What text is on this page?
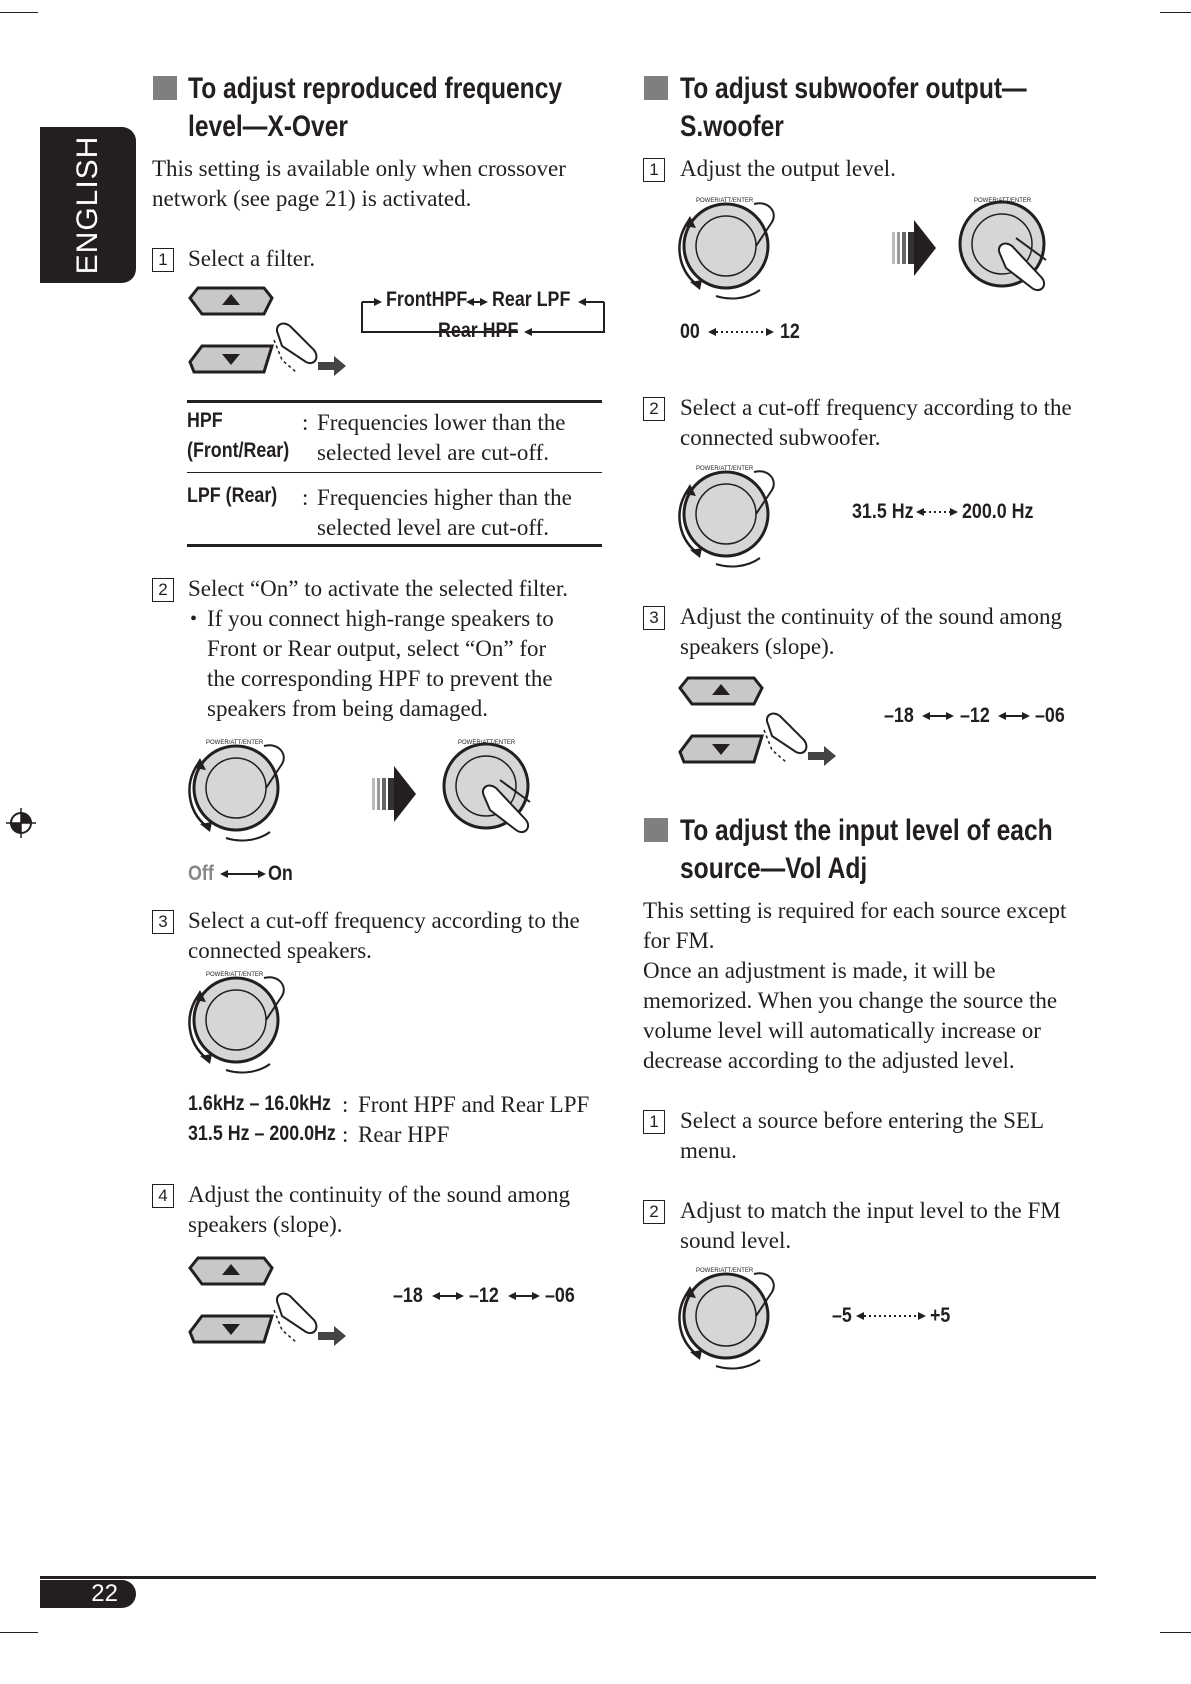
ENGLISH
To adjust reproduced frequency
level—X-Over
This setting is available only when crossover
network (see page 21) is activated.
1 Select a filter.
FrontHPF Rear LPF
Rear HPF
HPF
(Front/Rear)
: Frequencies lower than the
selected level are cut-off.
LPF (Rear) : Frequencies higher than the
selected level are cut-off.
2 Select “On” to activate the selected filter.
• If you connect high-range speakers to
Front or Rear output, select “On” for
the corresponding HPF to prevent the
speakers from being damaged.
POWER/ATT/ENTER	POWER/ATT/ENTER
Off	On
3 Select a cut-off frequency according to the
connected speakers.
POWER/ATT/ENTER
1.6kHz – 16.0kHz : Front HPF and Rear LPF
31.5 Hz – 200.0Hz : Rear HPF
4 Adjust the continuity of the sound among
speakers (slope).
–18 –12 –06
To adjust subwoofer output—
S.woofer
1 Adjust the output level.
POWER/ATT/ENTER	POWER/ATT/ENTER
00	12
2 Select a cut-off frequency according to the
connected subwoofer.
POWER/ATT/ENTER
31.5 Hz 200.0 Hz
3 Adjust the continuity of the sound among
speakers (slope).
–18 –12 –06
To adjust the input level of each
source—Vol Adj
This setting is required for each source except
for FM.
Once an adjustment is made, it will be
memorized. When you change the source the
volume level will automatically increase or
decrease according to the adjusted level.
1 Select a source before entering the SEL
menu.
2 Adjust to match the input level to the FM
sound level.
POWER/ATT/ENTER
–5	+5
22
